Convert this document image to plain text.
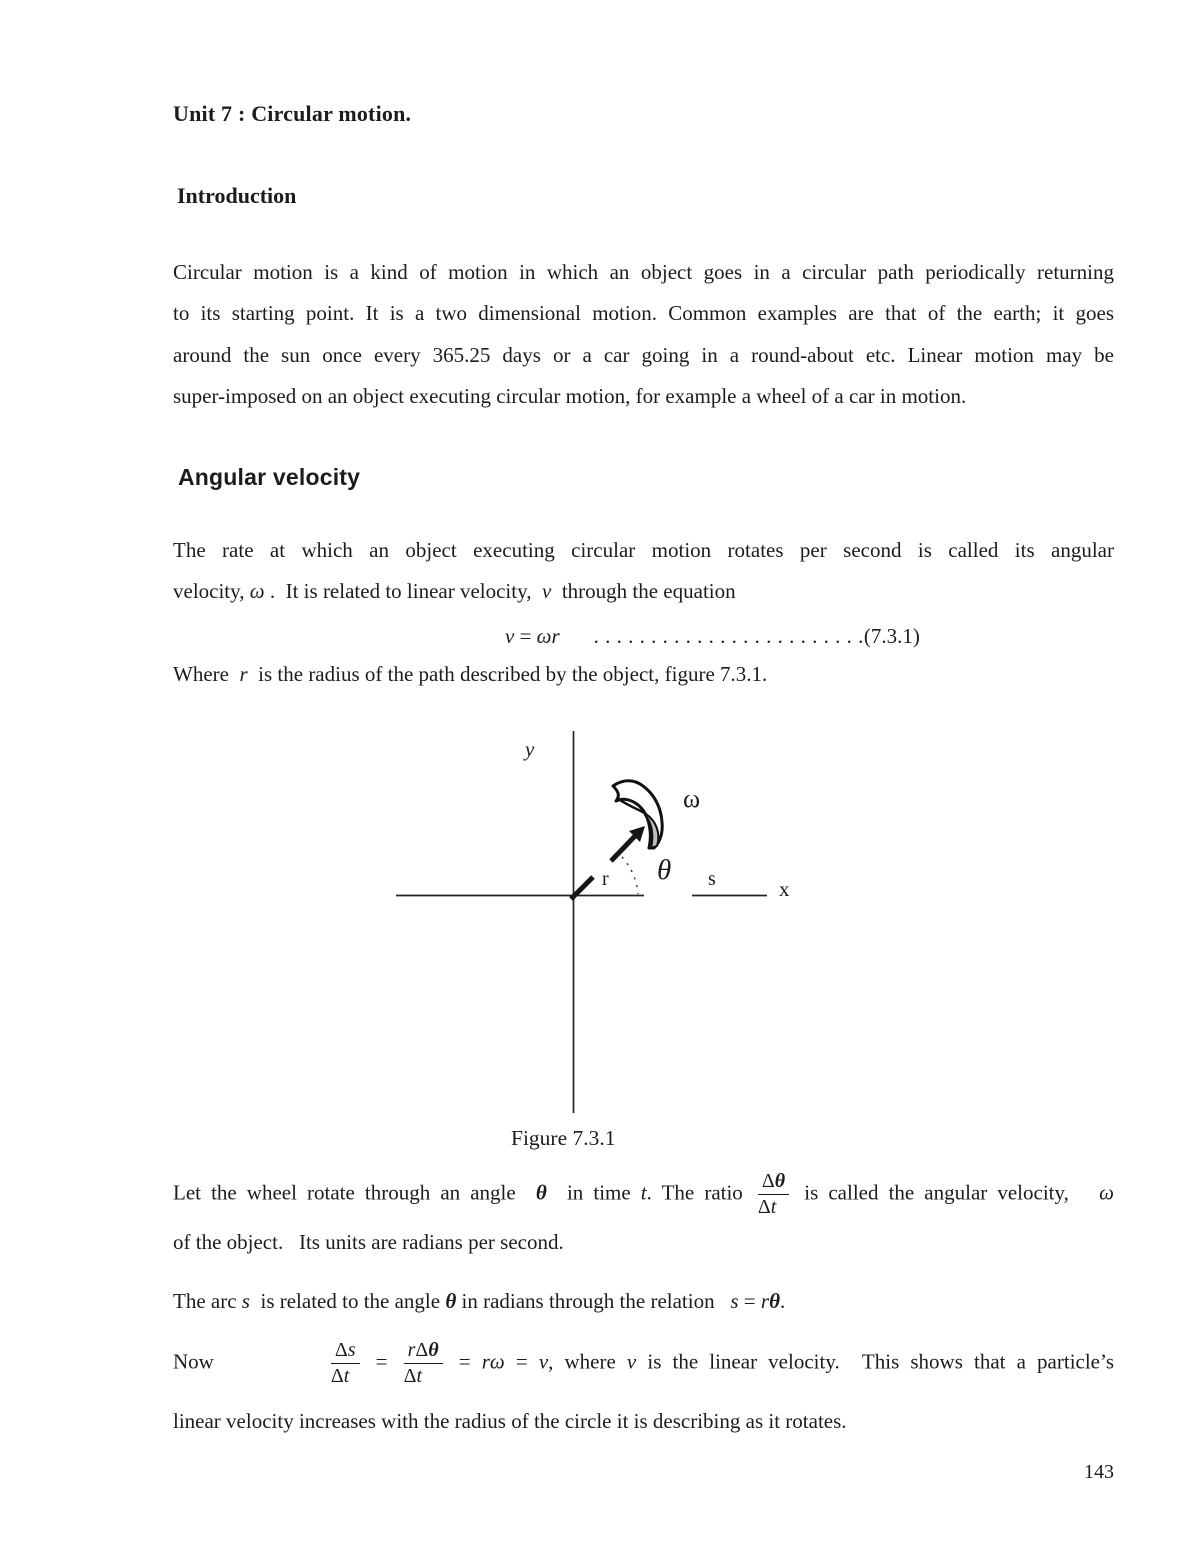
Unit 7 : Circular motion.
Introduction
Circular motion is a kind of motion in which an object goes in a circular path periodically returning
to its starting point. It is a two dimensional motion. Common examples are that of the earth; it goes
around the sun once every 365.25 days or a car going in a round-about etc. Linear motion may be
super-imposed on an object executing circular motion, for example a wheel of a car in motion.
Angular velocity
The rate at which an object executing circular motion rotates per second is called its angular
velocity, ω .  It is related to linear velocity,  v  through the equation
v = ωr . . . . . . . . . . . . . . . . . . . . . . . .(7.3.1)
Where  r  is the radius of the path described by the object, figure 7.3.1.
y
ω
θ
r	s	x
Figure 7.3.1
Let the wheel rotate through an angle  θ  in time t. The ratio $\frac{\Delta\theta}{\Delta t}$ is called the angular velocity,   ω
of the object.   Its units are radians per second.
The arc s  is related to the angle θ in radians through the relation   s = rθ.
Now	$\frac{\Delta s}{\Delta t} = \frac{\text{rΔθ}}{\Delta t} = r\omega = v$, where v is the linear velocity.  This shows that a particle’s
linear velocity increases with the radius of the circle it is describing as it rotates.
143
